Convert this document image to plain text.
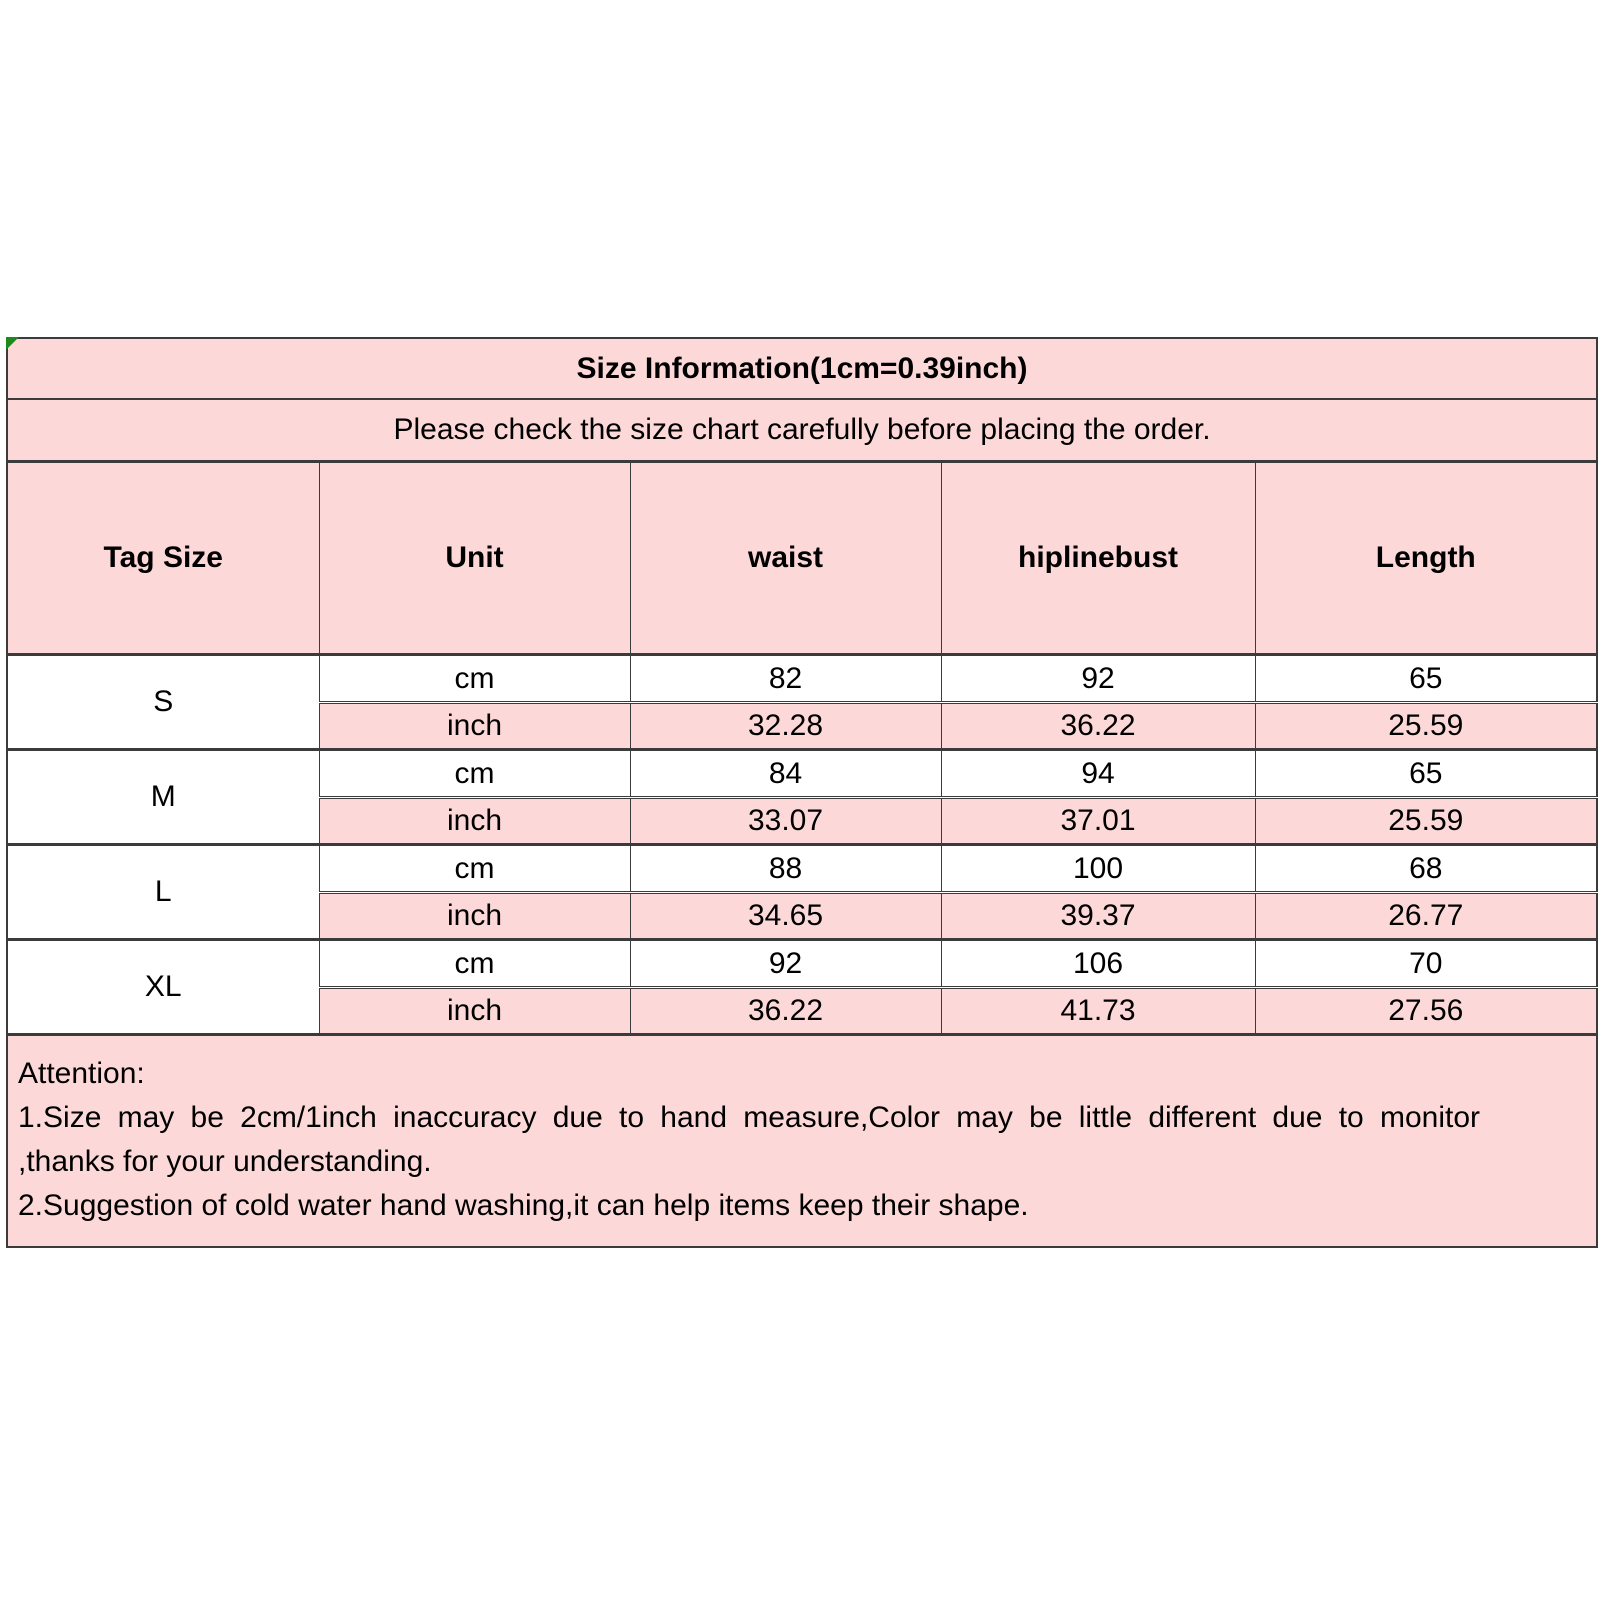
Size Information(1cm=0.39inch)				
Please check the size chart carefully before placing the order.				
Tag Size	Unit	waist	hiplinebust	Length
S	cm	82	92	65
	inch	32.28	36.22	25.59
M	cm	84	94	65
	inch	33.07	37.01	25.59
L	cm	88	100	68
	inch	34.65	39.37	26.77
XL	cm	92	106	70
	inch	36.22	41.73	27.56

Attention:
1.Size may be 2cm/1inch inaccuracy due to hand measure,Color may be little different due to monitor
,thanks for your understanding.
2.Suggestion of cold water hand washing,it can help items keep their shape.				
